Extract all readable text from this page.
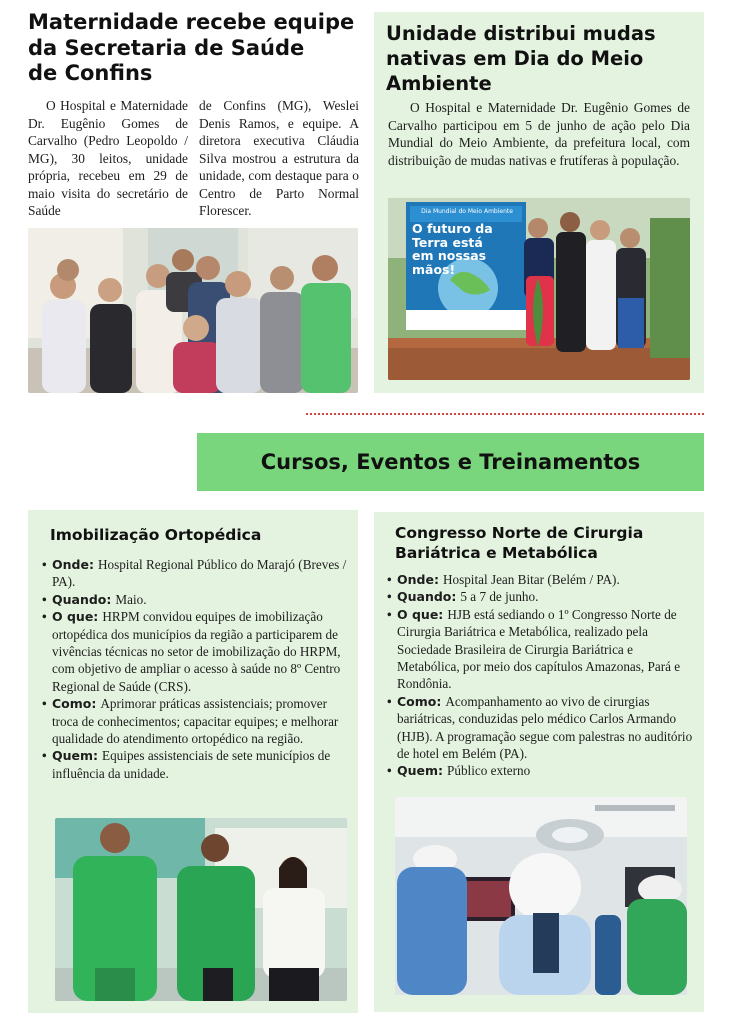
Maternidade recebe equipe
da Secretaria de Saúde
de Confins

O Hospital e Maternidade Dr. Eugênio Gomes de Carvalho (Pedro Leopoldo / MG), 30 leitos, unidade própria, recebeu em 29 de maio visita do secretário de Saúde

de Confins (MG), Weslei Denis Ramos, e equipe. A diretora executiva Cláudia Silva mostrou a estrutura da unidade, com destaque para o Centro de Parto Normal Florescer.

Unidade distribui mudas
nativas em Dia do Meio
Ambiente

O Hospital e Maternidade Dr. Eugênio Gomes de Carvalho participou em 5 de junho de ação pelo Dia Mundial do Meio Ambiente, da prefeitura local, com distribuição de mudas nativas e frutíferas à população.

Dia Mundial do Meio Ambiente
O futuro da
Terra está
em nossas
mãos!
Cursos, Eventos e Treinamentos
Imobilização Ortopédica
• Onde: Hospital Regional Público do Marajó (Breves / PA).
• Quando: Maio.
• O que: HRPM convidou equipes de imobilização ortopédica dos municípios da região a participarem de vivências técnicas no setor de imobilização do HRPM, com objetivo de ampliar o acesso à saúde no 8º Centro Regional de Saúde (CRS).
• Como: Aprimorar práticas assistenciais; promover troca de conhecimentos; capacitar equipes; e melhorar qualidade do atendimento ortopédico na região.
• Quem: Equipes assistenciais de sete municípios de influência da unidade.
Congresso Norte de Cirurgia
Bariátrica e Metabólica
• Onde: Hospital Jean Bitar (Belém / PA).
• Quando: 5 a 7 de junho.
• O que: HJB está sediando o 1º Congresso Norte de Cirurgia Bariátrica e Metabólica, realizado pela Sociedade Brasileira de Cirurgia Bariátrica e Metabólica, por meio dos capítulos Amazonas, Pará e Rondônia.
• Como: Acompanhamento ao vivo de cirurgias bariátricas, conduzidas pelo médico Carlos Armando (HJB). A programação segue com palestras no auditório de hotel em Belém (PA).
• Quem: Público externo
